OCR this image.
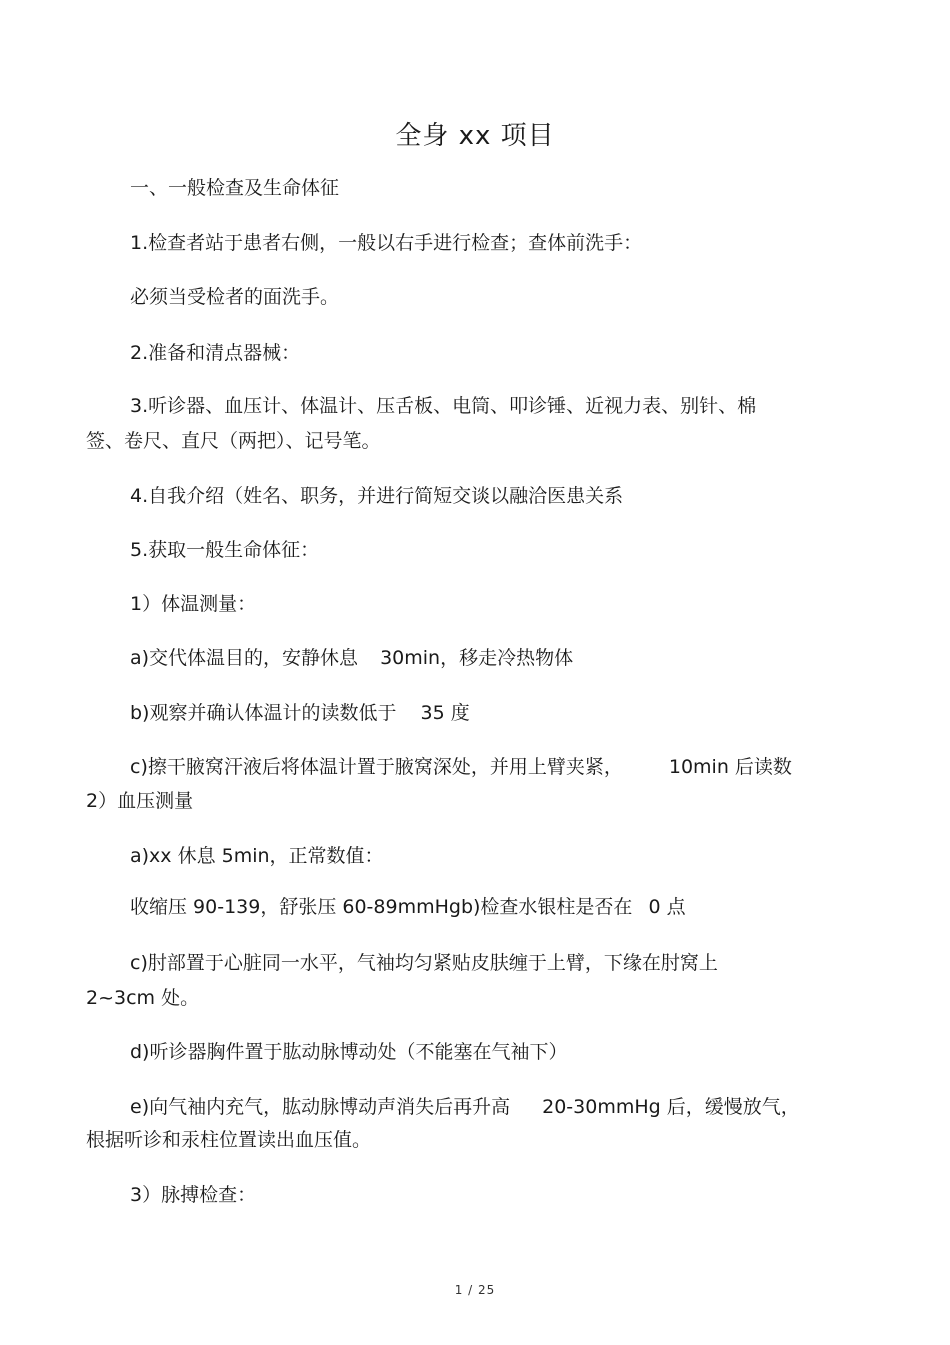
全身 xx 项目

一、一般检查及生命体征

1.检查者站于患者右侧，一般以右手进行检查；查体前洗手：

必须当受检者的面洗手。

2.准备和清点器械：

3.听诊器、血压计、体温计、压舌板、电筒、叩诊锤、近视力表、别针、棉

签、卷尺、直尺（两把）、记号笔。

4.自我介绍（姓名、职务，并进行简短交谈以融洽医患关系

5.获取一般生命体征：

1）体温测量：

a)交代体温目的，安静休息 30min，移走冷热物体

b)观察并确认体温计的读数低于 35 度

c)擦干腋窝汗液后将体温计置于腋窝深处，并用上臂夹紧， 10min 后读数

2）血压测量

a)xx 休息 5min，正常数值：

收缩压 90-139，舒张压 60-89mmHgb)检查水银柱是否在 0 点

c)肘部置于心脏同一水平，气袖均匀紧贴皮肤缠于上臂，下缘在肘窝上

2~3cm 处。

d)听诊器胸件置于肱动脉博动处（不能塞在气袖下）

e)向气袖内充气，肱动脉博动声消失后再升高 20-30mmHg 后，缓慢放气，

根据听诊和汞柱位置读出血压值。

3）脉搏检查：

1 / 25
